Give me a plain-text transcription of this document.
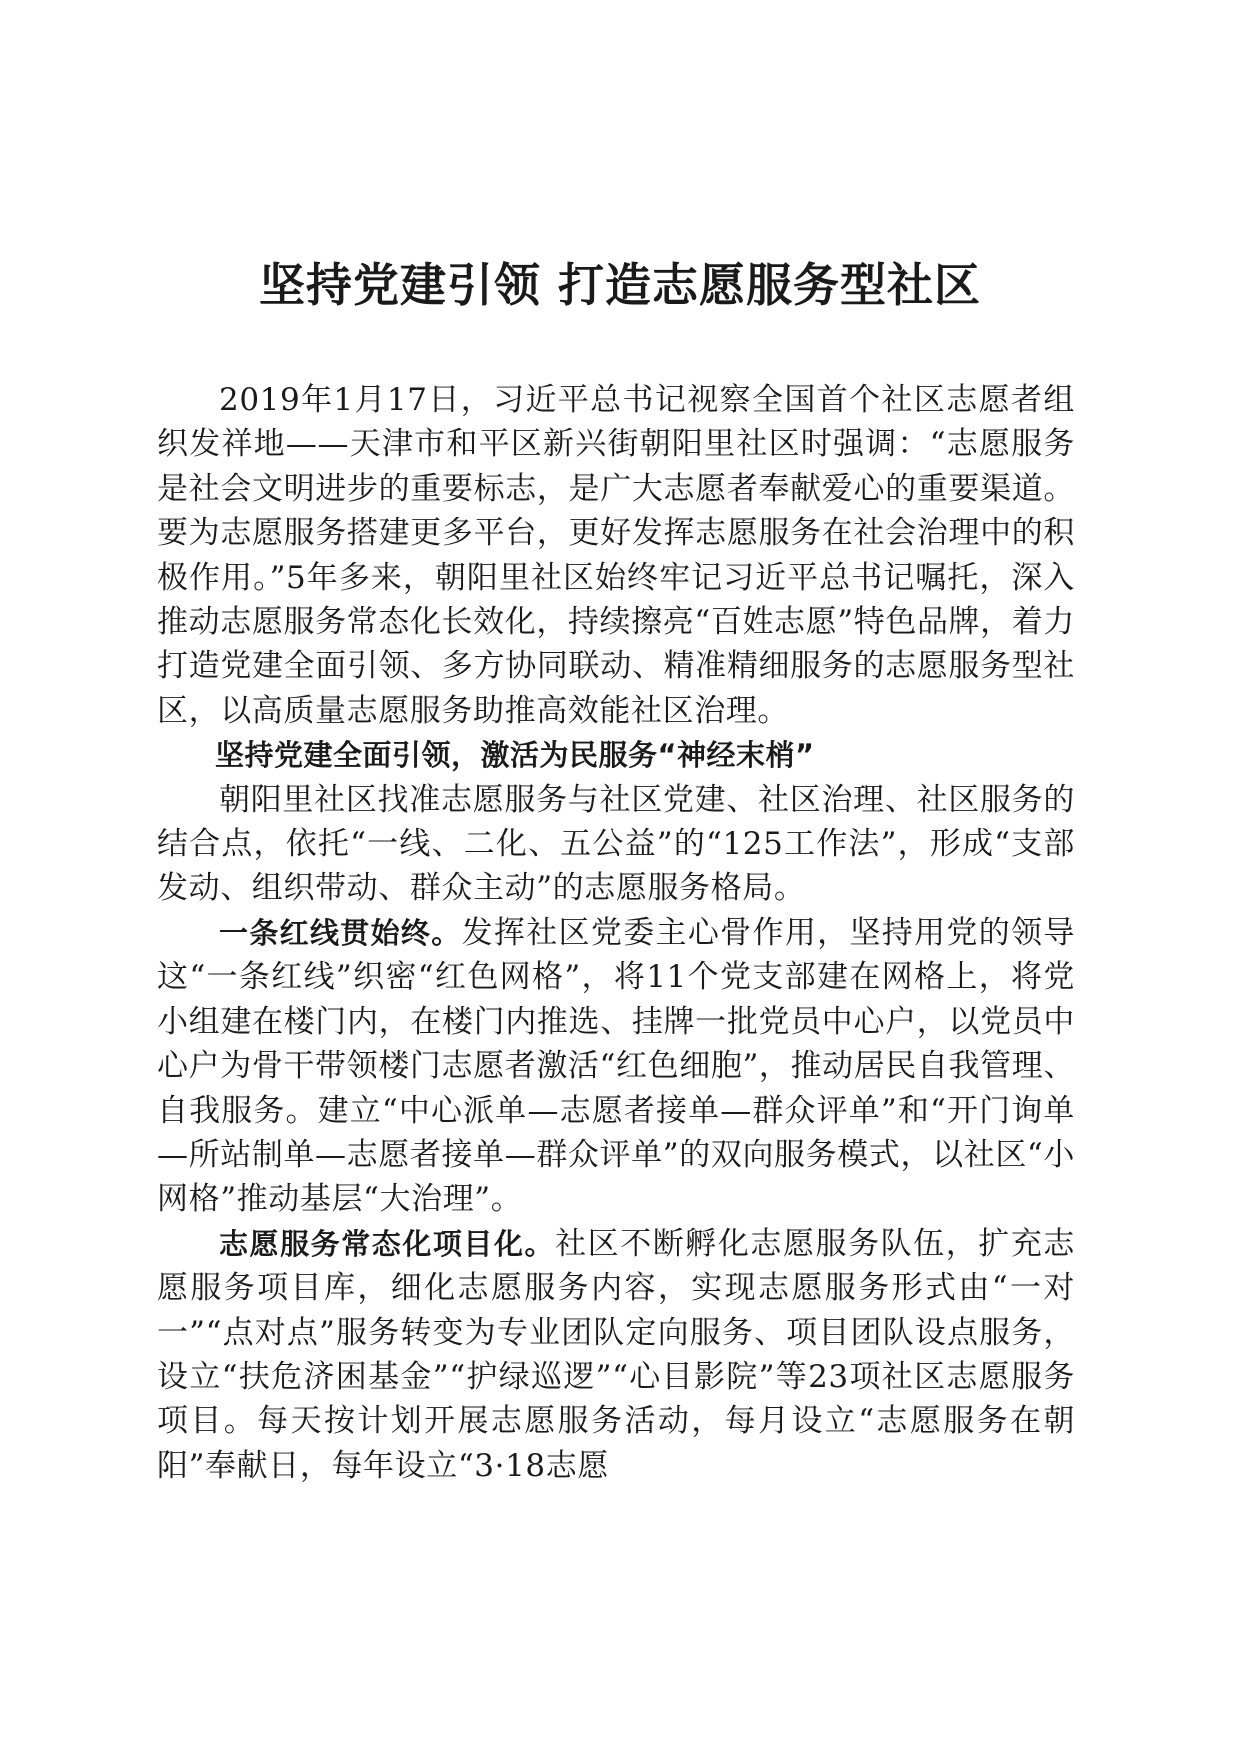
坚持党建引领 打造志愿服务型社区

2019年1月17日，习近平总书记视察全国首个社区志愿者组织发祥地——天津市和平区新兴街朝阳里社区时强调：“志愿服务是社会文明进步的重要标志，是广大志愿者奉献爱心的重要渠道。要为志愿服务搭建更多平台，更好发挥志愿服务在社会治理中的积极作用。”5年多来，朝阳里社区始终牢记习近平总书记嘱托，深入推动志愿服务常态化长效化，持续擦亮“百姓志愿”特色品牌，着力打造党建全面引领、多方协同联动、精准精细服务的志愿服务型社区，以高质量志愿服务助推高效能社区治理。

坚持党建全面引领，激活为民服务“神经末梢”

朝阳里社区找准志愿服务与社区党建、社区治理、社区服务的结合点，依托“一线、二化、五公益”的“125工作法”，形成“支部发动、组织带动、群众主动”的志愿服务格局。

一条红线贯始终。发挥社区党委主心骨作用，坚持用党的领导这“一条红线”织密“红色网格”，将11个党支部建在网格上，将党小组建在楼门内，在楼门内推选、挂牌一批党员中心户，以党员中心户为骨干带领楼门志愿者激活“红色细胞”，推动居民自我管理、自我服务。建立“中心派单—志愿者接单—群众评单”和“开门询单—所站制单—志愿者接单—群众评单”的双向服务模式，以社区“小网格”推动基层“大治理”。

志愿服务常态化项目化。社区不断孵化志愿服务队伍，扩充志愿服务项目库，细化志愿服务内容，实现志愿服务形式由“一对一”“点对点”服务转变为专业团队定向服务、项目团队设点服务，设立“扶危济困基金”“护绿巡逻”“心目影院”等23项社区志愿服务项目。每天按计划开展志愿服务活动，每月设立“志愿服务在朝阳”奉献日，每年设立“3·18志愿
